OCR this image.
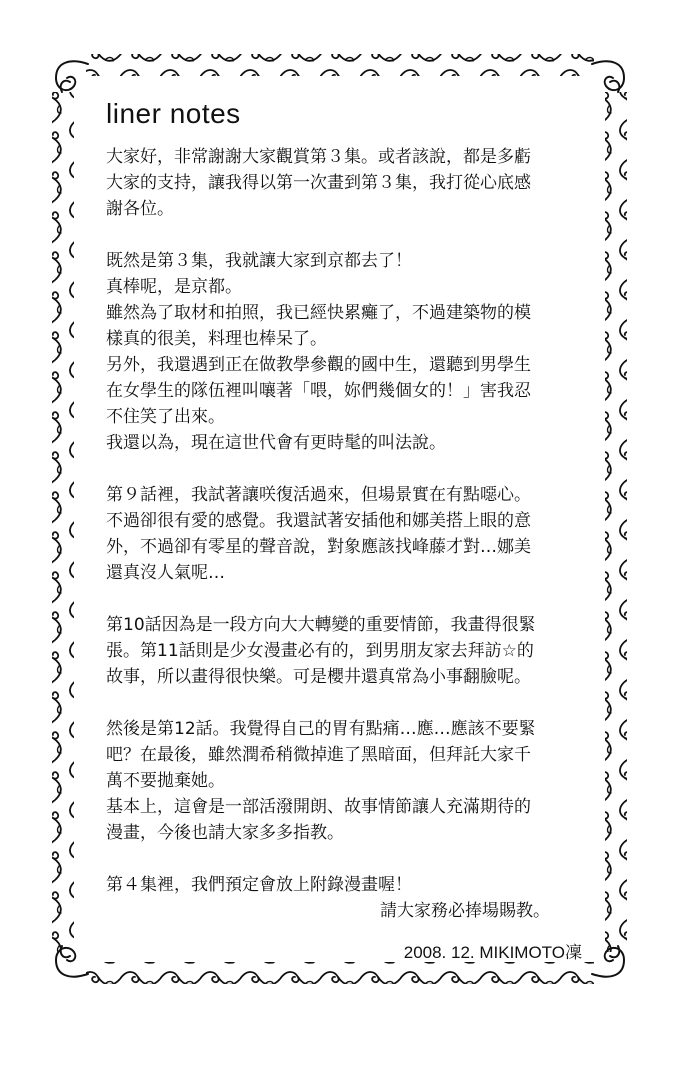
liner notes

大家好，非常謝謝大家觀賞第３集。或者該說，都是多虧
大家的支持，讓我得以第一次畫到第３集，我打從心底感
謝各位。

既然是第３集，我就讓大家到京都去了！
真棒呢，是京都。
雖然為了取材和拍照，我已經快累癱了，不過建築物的模
樣真的很美，料理也棒呆了。
另外，我還遇到正在做教學參觀的國中生，還聽到男學生
在女學生的隊伍裡叫嚷著「喂，妳們幾個女的！」害我忍
不住笑了出來。
我還以為，現在這世代會有更時髦的叫法說。

第９話裡，我試著讓咲復活過來，但場景實在有點噁心。
不過卻很有愛的感覺。我還試著安插他和娜美搭上眼的意
外，不過卻有零星的聲音說，對象應該找峰藤才對…娜美
還真沒人氣呢…

第10話因為是一段方向大大轉變的重要情節，我畫得很緊
張。第11話則是少女漫畫必有的，到男朋友家去拜訪☆的
故事，所以畫得很快樂。可是櫻井還真常為小事翻臉呢。

然後是第12話。我覺得自己的胃有點痛…應…應該不要緊
吧？在最後，雖然潤希稍微掉進了黑暗面，但拜託大家千
萬不要拋棄她。
基本上，這會是一部活潑開朗、故事情節讓人充滿期待的
漫畫，今後也請大家多多指教。

第４集裡，我們預定會放上附錄漫畫喔！
請大家務必捧場賜教。

2008. 12. MIKIMOTO凜
